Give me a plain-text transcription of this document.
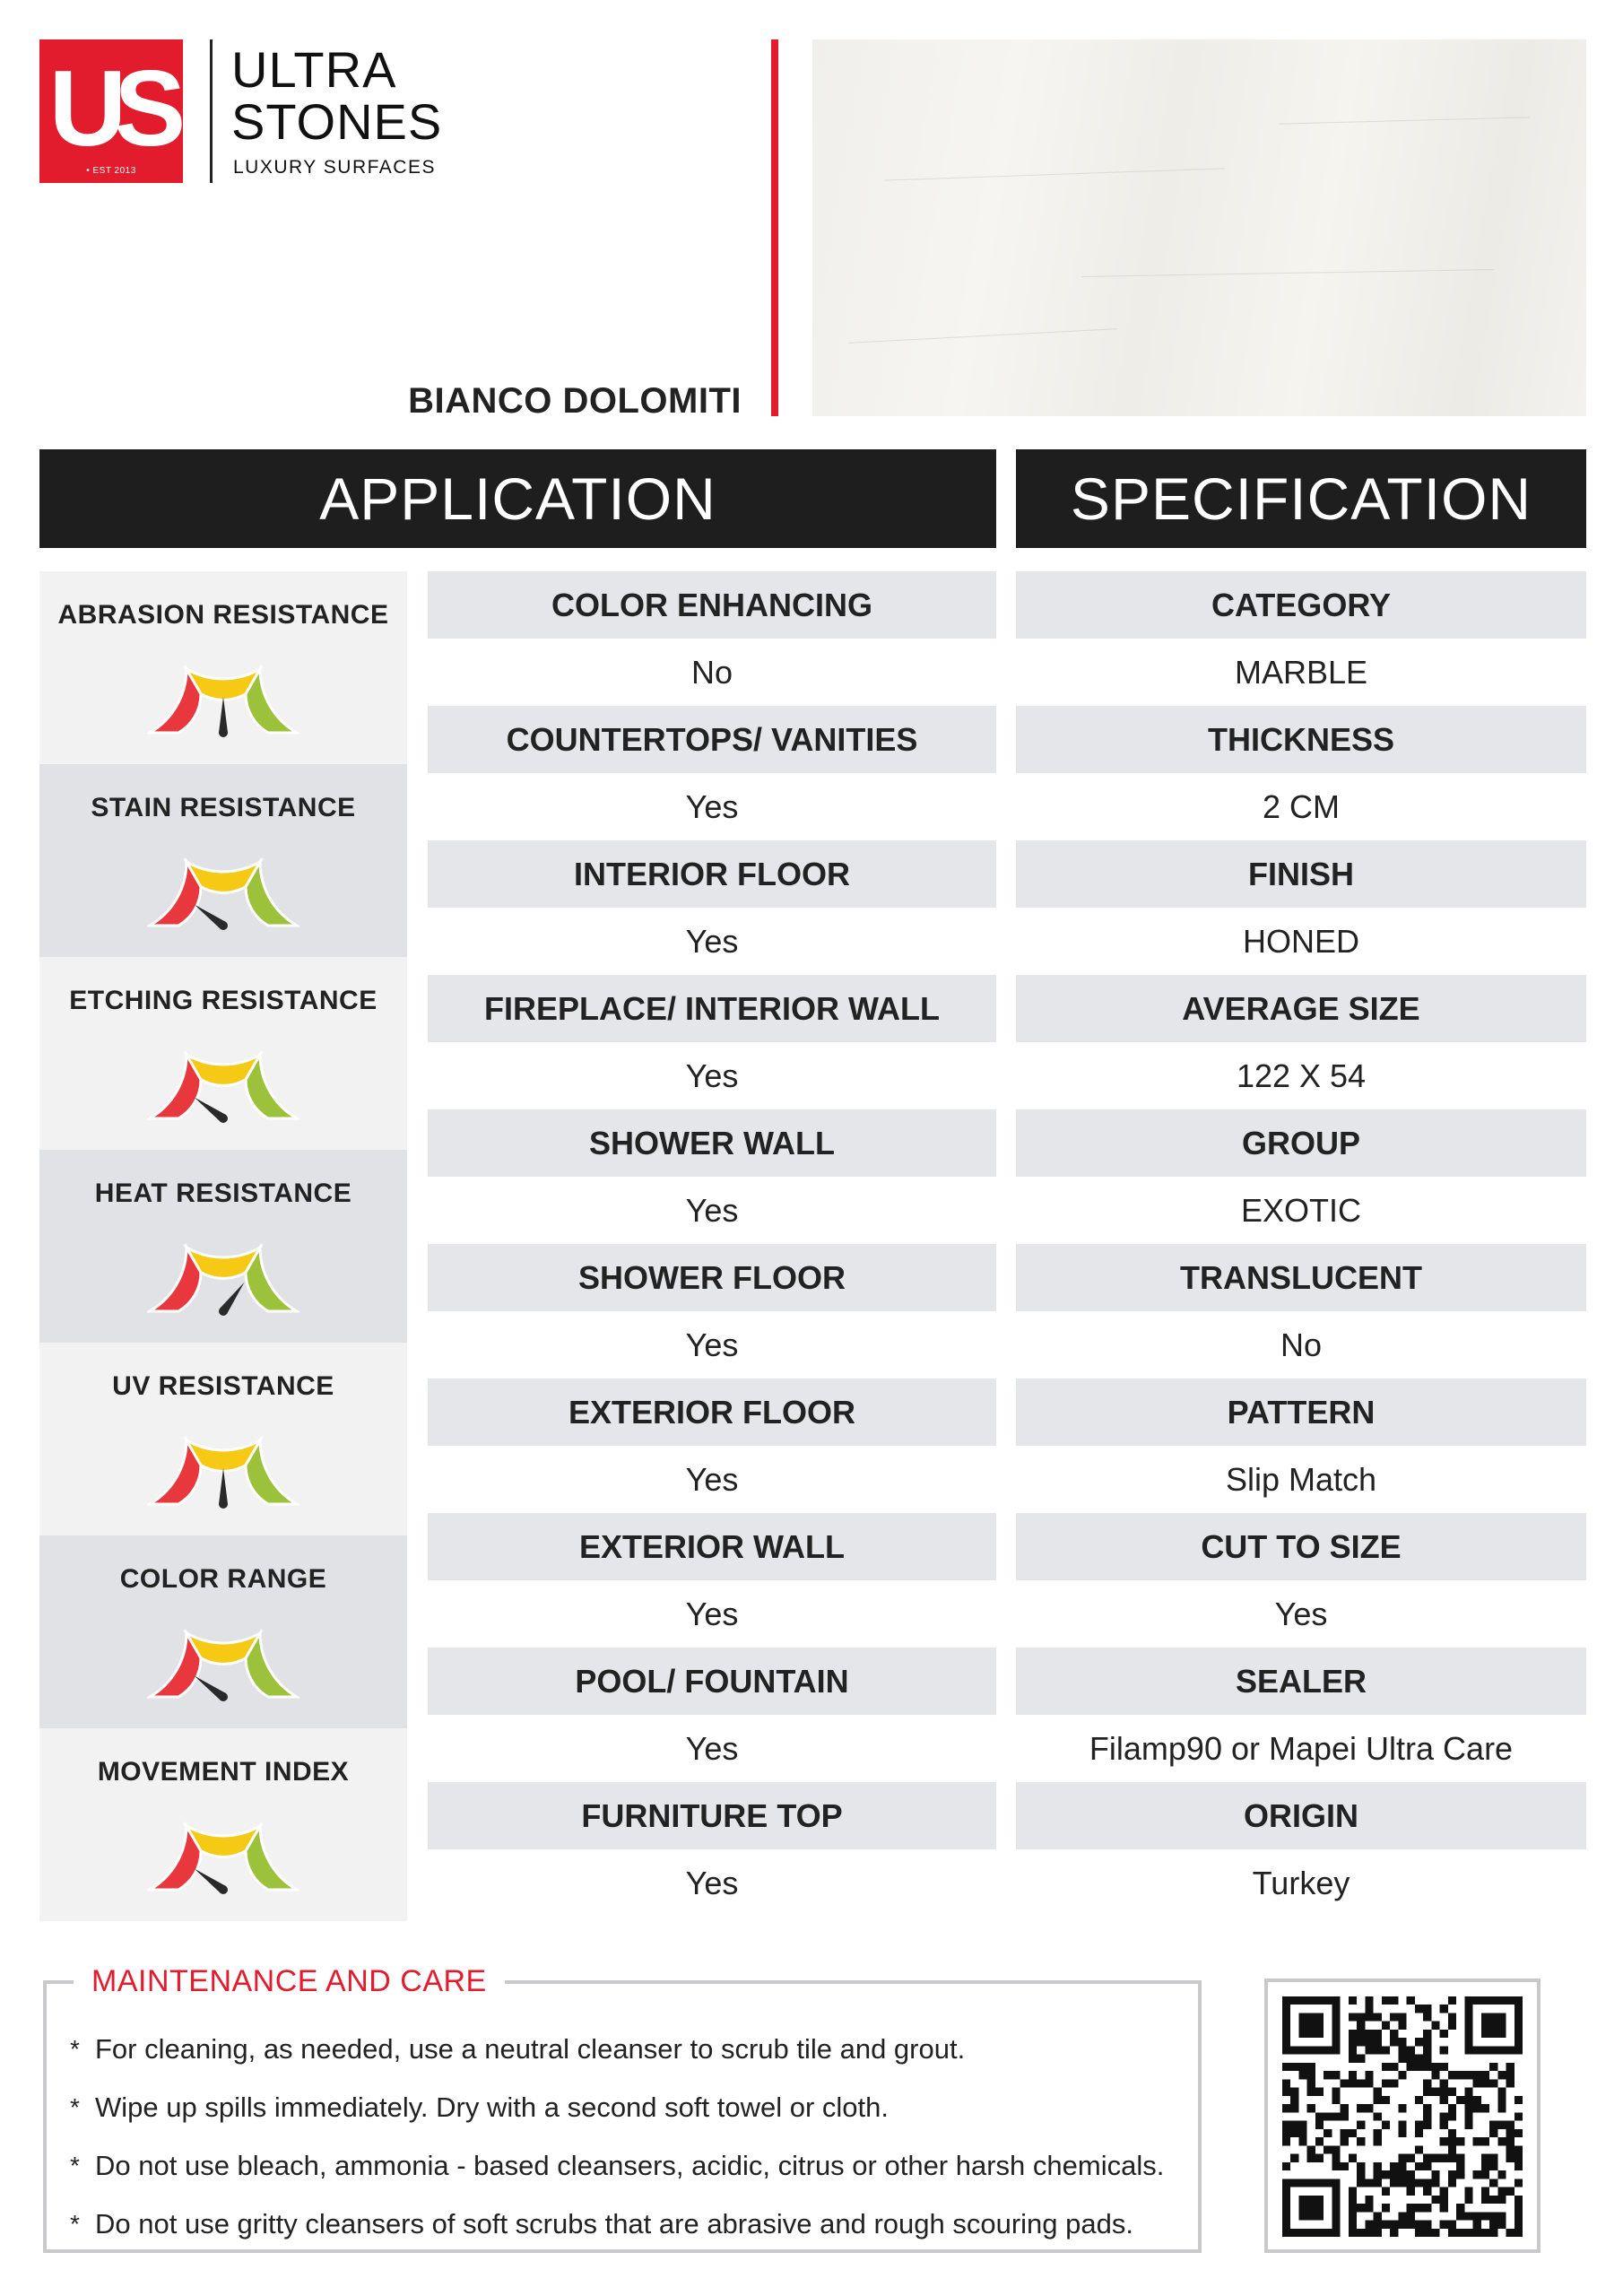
US
• EST 2013
ULTRA
STONES
LUXURY SURFACES
BIANCO DOLOMITI
APPLICATION	SPECIFICATION
ABRASION RESISTANCE
STAIN RESISTANCE
ETCHING RESISTANCE
HEAT RESISTANCE
UV RESISTANCE
COLOR RANGE
MOVEMENT INDEX
COLOR ENHANCING
No
COUNTERTOPS/ VANITIES
Yes
INTERIOR FLOOR
Yes
FIREPLACE/ INTERIOR WALL
Yes
SHOWER WALL
Yes
SHOWER FLOOR
Yes
EXTERIOR FLOOR
Yes
EXTERIOR WALL
Yes
POOL/ FOUNTAIN
Yes
FURNITURE TOP
Yes
CATEGORY
MARBLE
THICKNESS
2 CM
FINISH
HONED
AVERAGE SIZE
122 X 54
GROUP
EXOTIC
TRANSLUCENT
No
PATTERN
Slip Match
CUT TO SIZE
Yes
SEALER
Filamp90 or Mapei Ultra Care
ORIGIN
Turkey
MAINTENANCE AND CARE
* For cleaning, as needed, use a neutral cleanser to scrub tile and grout.
* Wipe up spills immediately. Dry with a second soft towel or cloth.
* Do not use bleach, ammonia - based cleansers, acidic, citrus or other harsh chemicals.
* Do not use gritty cleansers of soft scrubs that are abrasive and rough scouring pads.
